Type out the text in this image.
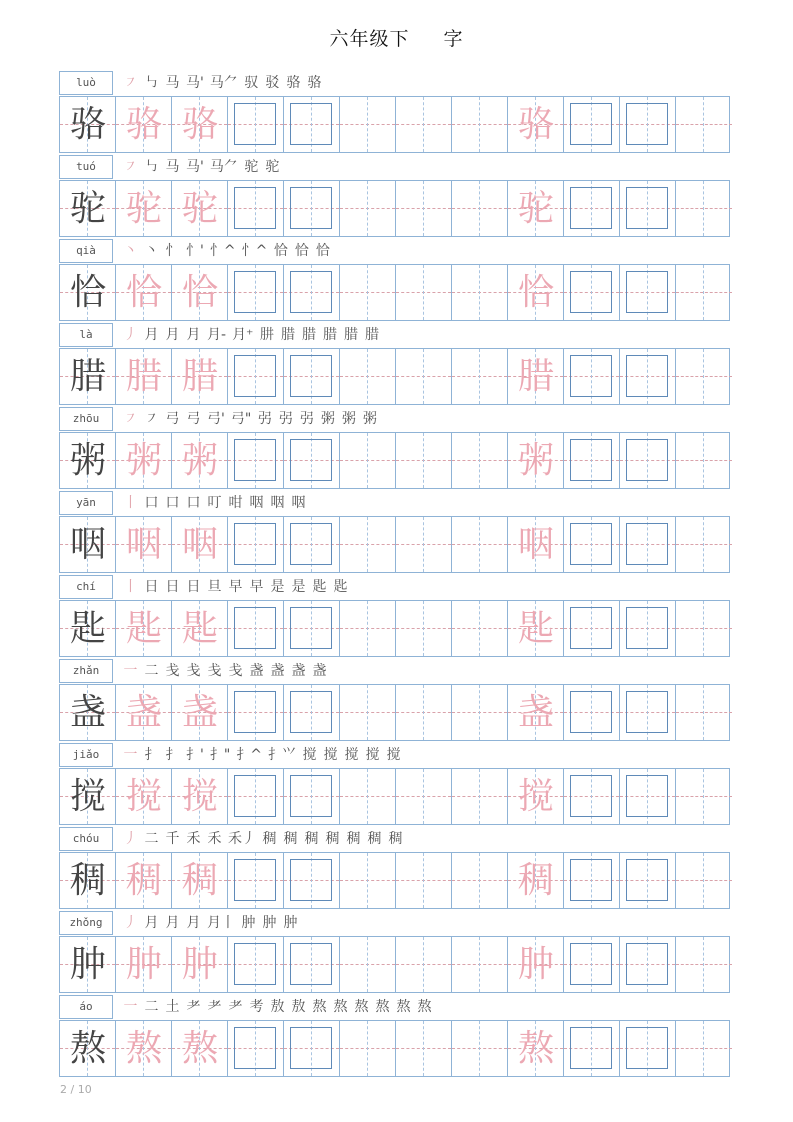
六年级下 字
luò	㇇ ㇉ 马 马' 马⺈ 驭 驳 骆 骆
骆 骆 骆	骆
tuó	㇇ ㇉ 马 马' 马⺈ 驼 驼
驼 驼 驼	驼
qià	丶 丶 忄 忄' 忄^ 忄^ 恰 恰 恰
恰 恰 恰	恰
là	丿 月 月 月 月- 月⁺ 肼 腊 腊 腊 腊 腊
腊 腊 腊	腊
zhōu	㇇ ㇇ 弓 弓 弓' 弓" 弜 弜 弜 粥 粥 粥
粥 粥 粥	粥
yān	丨 口 口 口 叮 咁 咽 咽 咽
咽 咽 咽	咽
chí	丨 日 日 日 旦 早 早 是 是 匙 匙
匙 匙 匙	匙
zhǎn	一 二 戋 戋 戋 戋 盏 盏 盏 盏
盏 盏 盏	盏
jiǎo	一 扌 扌 扌' 扌" 扌^ 扌⺍ 搅 搅 搅 搅 搅
搅 搅 搅	搅
chóu	丿 二 千 禾 禾 禾丿 稠 稠 稠 稠 稠 稠 稠
稠 稠 稠	稠
zhǒng	丿 月 月 月 月丨 肿 肿 肿
肿 肿 肿	肿
áo	一 二 土 耂 耂 耂 考 敖 敖 熬 熬 熬 熬 熬 熬
熬 熬 熬	熬
2 / 10
